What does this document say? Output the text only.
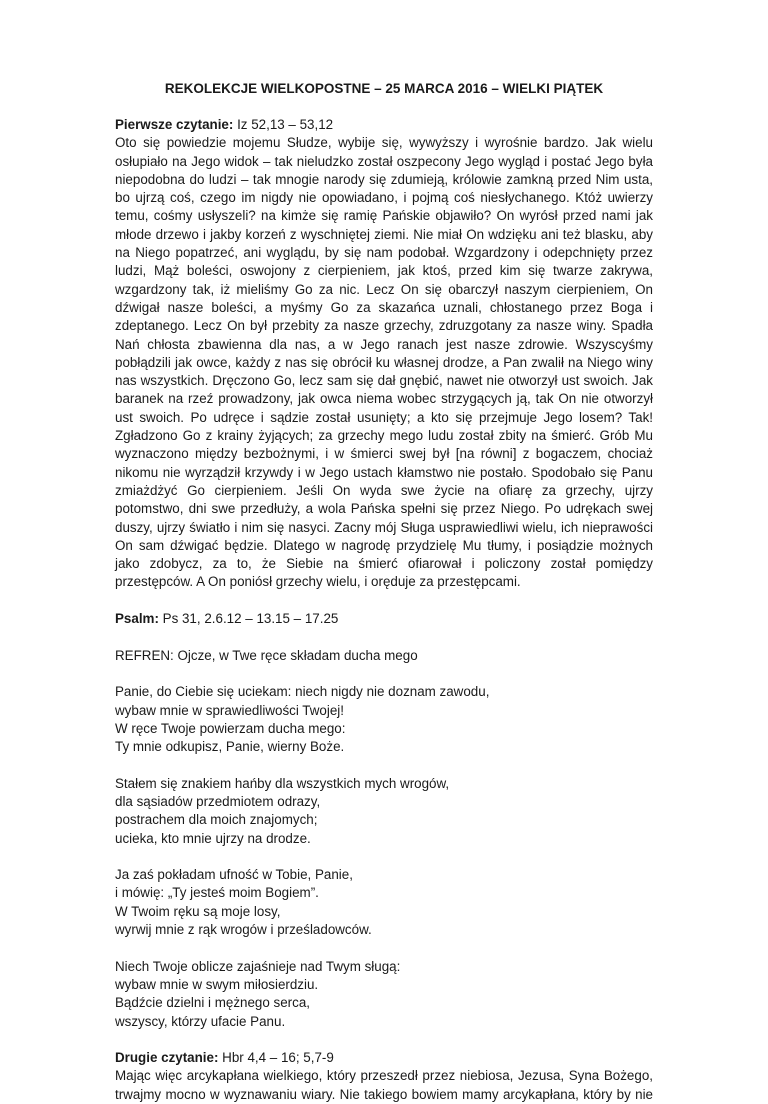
REKOLEKCJE WIELKOPOSTNE – 25 MARCA 2016 – WIELKI PIĄTEK
Pierwsze czytanie: Iz 52,13 – 53,12

Oto się powiedzie mojemu Słudze, wybije się, wywyższy i wyrośnie bardzo. Jak wielu osłupiało na Jego widok – tak nieludzko został oszpecony Jego wygląd i postać Jego była niepodobna do ludzi – tak mnogie narody się zdumieją, królowie zamkną przed Nim usta, bo ujrzą coś, czego im nigdy nie opowiadano, i pojmą coś niesłychanego. Któż uwierzy temu, cośmy usłyszeli? na kimże się ramię Pańskie objawiło? On wyrósł przed nami jak młode drzewo i jakby korzeń z wyschniętej ziemi. Nie miał On wdzięku ani też blasku, aby na Niego popatrzeć, ani wyglądu, by się nam podobał. Wzgardzony i odepchnięty przez ludzi, Mąż boleści, oswojony z cierpieniem, jak ktoś, przed kim się twarze zakrywa, wzgardzony tak, iż mieliśmy Go za nic. Lecz On się obarczył naszym cierpieniem, On dźwigał nasze boleści, a myśmy Go za skazańca uznali, chłostanego przez Boga i zdeptanego. Lecz On był przebity za nasze grzechy, zdruzgotany za nasze winy. Spadła Nań chłosta zbawienna dla nas, a w Jego ranach jest nasze zdrowie. Wszyscyśmy pobłądzili jak owce, każdy z nas się obrócił ku własnej drodze, a Pan zwalił na Niego winy nas wszystkich. Dręczono Go, lecz sam się dał gnębić, nawet nie otworzył ust swoich. Jak baranek na rzeź prowadzony, jak owca niema wobec strzygących ją, tak On nie otworzył ust swoich. Po udręce i sądzie został usunięty; a kto się przejmuje Jego losem? Tak! Zgładzono Go z krainy żyjących; za grzechy mego ludu został zbity na śmierć. Grób Mu wyznaczono między bezbożnymi, i w śmierci swej był [na równi] z bogaczem, chociaż nikomu nie wyrządził krzywdy i w Jego ustach kłamstwo nie postało. Spodobało się Panu zmiażdżyć Go cierpieniem. Jeśli On wyda swe życie na ofiarę za grzechy, ujrzy potomstwo, dni swe przedłuży, a wola Pańska spełni się przez Niego. Po udrękach swej duszy, ujrzy światło i nim się nasyci. Zacny mój Sługa usprawiedliwi wielu, ich nieprawości On sam dźwigać będzie. Dlatego w nagrodę przydzielę Mu tłumy, i posiądzie możnych jako zdobycz, za to, że Siebie na śmierć ofiarował i policzony został pomiędzy przestępców. A On poniósł grzechy wielu, i oręduje za przestępcami.

Psalm: Ps 31, 2.6.12 – 13.15 – 17.25
REFREN: Ojcze, w Twe ręce składam ducha mego
Panie, do Ciebie się uciekam: niech nigdy nie doznam zawodu,
wybaw mnie w sprawiedliwości Twojej!
W ręce Twoje powierzam ducha mego:
Ty mnie odkupisz, Panie, wierny Boże.
Stałem się znakiem hańby dla wszystkich mych wrogów,
dla sąsiadów przedmiotem odrazy,
postrachem dla moich znajomych;
ucieka, kto mnie ujrzy na drodze.
Ja zaś pokładam ufność w Tobie, Panie,
i mówię: „Ty jesteś moim Bogiem”.
W Twoim ręku są moje losy,
wyrwij mnie z rąk wrogów i prześladowców.
Niech Twoje oblicze zajaśnieje nad Twym sługą:
wybaw mnie w swym miłosierdziu.
Bądźcie dzielni i mężnego serca,
wszyscy, którzy ufacie Panu.
Drugie czytanie: Hbr 4,4 – 16; 5,7-9

Mając więc arcykapłana wielkiego, który przeszedł przez niebiosa, Jezusa, Syna Bożego, trwajmy mocno w wyznawaniu wiary. Nie takiego bowiem mamy arcykapłana, który by nie
